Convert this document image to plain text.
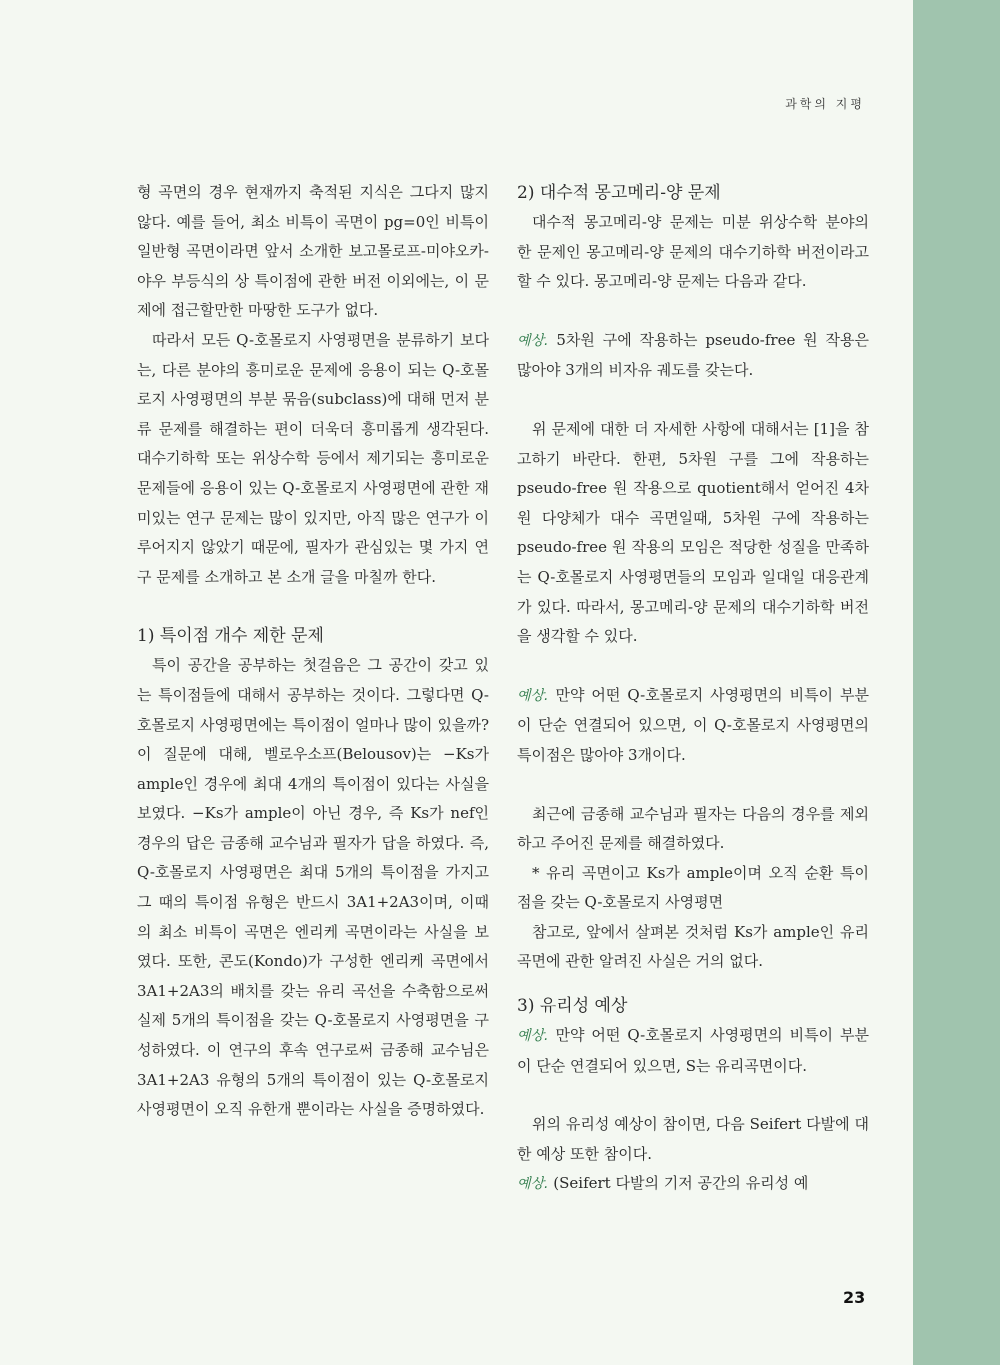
과학의 지평

형 곡면의 경우 현재까지 축적된 지식은 그다지 많지 않다. 예를 들어, 최소 비특이 곡면이 pg=0인 비특이 일반형 곡면이라면 앞서 소개한 보고몰로프-미야오카-야우 부등식의 상 특이점에 관한 버전 이외에는, 이 문제에 접근할만한 마땅한 도구가 없다.

따라서 모든 Q-호몰로지 사영평면을 분류하기 보다는, 다른 분야의 흥미로운 문제에 응용이 되는 Q-호몰로지 사영평면의 부분 묶음(subclass)에 대해 먼저 분류 문제를 해결하는 편이 더욱더 흥미롭게 생각된다. 대수기하학 또는 위상수학 등에서 제기되는 흥미로운 문제들에 응용이 있는 Q-호몰로지 사영평면에 관한 재미있는 연구 문제는 많이 있지만, 아직 많은 연구가 이루어지지 않았기 때문에, 필자가 관심있는 몇 가지 연구 문제를 소개하고 본 소개 글을 마칠까 한다.

1) 특이점 개수 제한 문제

특이 공간을 공부하는 첫걸음은 그 공간이 갖고 있는 특이점들에 대해서 공부하는 것이다. 그렇다면 Q-호몰로지 사영평면에는 특이점이 얼마나 많이 있을까? 이 질문에 대해, 벨로우소프(Belousov)는 −Ks가 ample인 경우에 최대 4개의 특이점이 있다는 사실을 보였다. −Ks가 ample이 아닌 경우, 즉 Ks가 nef인 경우의 답은 금종해 교수님과 필자가 답을 하였다. 즉, Q-호몰로지 사영평면은 최대 5개의 특이점을 가지고 그 때의 특이점 유형은 반드시 3A1+2A3이며, 이때의 최소 비특이 곡면은 엔리케 곡면이라는 사실을 보였다. 또한, 콘도(Kondo)가 구성한 엔리케 곡면에서 3A1+2A3의 배치를 갖는 유리 곡선을 수축함으로써 실제 5개의 특이점을 갖는 Q-호몰로지 사영평면을 구성하였다. 이 연구의 후속 연구로써 금종해 교수님은 3A1+2A3 유형의 5개의 특이점이 있는 Q-호몰로지 사영평면이 오직 유한개 뿐이라는 사실을 증명하였다.

2) 대수적 몽고메리-양 문제

대수적 몽고메리-양 문제는 미분 위상수학 분야의 한 문제인 몽고메리-양 문제의 대수기하학 버전이라고 할 수 있다. 몽고메리-양 문제는 다음과 같다.

예상. 5차원 구에 작용하는 pseudo-free 원 작용은 많아야 3개의 비자유 궤도를 갖는다.

위 문제에 대한 더 자세한 사항에 대해서는 [1]을 참고하기 바란다. 한편, 5차원 구를 그에 작용하는 pseudo-free 원 작용으로 quotient해서 얻어진 4차원 다양체가 대수 곡면일때, 5차원 구에 작용하는 pseudo-free 원 작용의 모임은 적당한 성질을 만족하는 Q-호몰로지 사영평면들의 모임과 일대일 대응관계가 있다. 따라서, 몽고메리-양 문제의 대수기하학 버전을 생각할 수 있다.

예상. 만약 어떤 Q-호몰로지 사영평면의 비특이 부분이 단순 연결되어 있으면, 이 Q-호몰로지 사영평면의 특이점은 많아야 3개이다.

최근에 금종해 교수님과 필자는 다음의 경우를 제외하고 주어진 문제를 해결하였다.

* 유리 곡면이고 Ks가 ample이며 오직 순환 특이점을 갖는 Q-호몰로지 사영평면

참고로, 앞에서 살펴본 것처럼 Ks가 ample인 유리곡면에 관한 알려진 사실은 거의 없다.

3) 유리성 예상

예상. 만약 어떤 Q-호몰로지 사영평면의 비특이 부분이 단순 연결되어 있으면, S는 유리곡면이다.

위의 유리성 예상이 참이면, 다음 Seifert 다발에 대한 예상 또한 참이다.

예상. (Seifert 다발의 기저 공간의 유리성 예

23
